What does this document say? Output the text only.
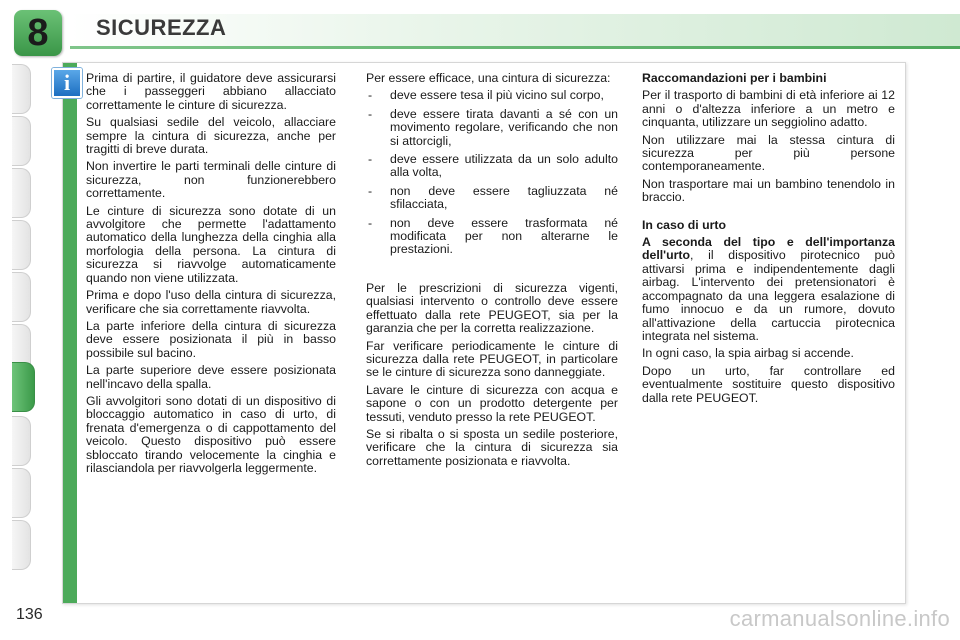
8 SICUREZZA
i Prima di partire, il guidatore deve assicurarsi che i passeggeri abbiano allacciato correttamente le cinture di sicurezza.

Su qualsiasi sedile del veicolo, allacciare sempre la cintura di sicurezza, anche per tragitti di breve durata.

Non invertire le parti terminali delle cinture di sicurezza, non funzionerebbero correttamente.

Le cinture di sicurezza sono dotate di un avvolgitore che permette l'adattamento automatico della lunghezza della cinghia alla morfologia della persona. La cintura di sicurezza si riavvolge automaticamente quando non viene utilizzata.

Prima e dopo l'uso della cintura di sicurezza, verificare che sia correttamente riavvolta.

La parte inferiore della cintura di sicurezza deve essere posizionata il più in basso possibile sul bacino.

La parte superiore deve essere posizionata nell'incavo della spalla.

Gli avvolgitori sono dotati di un dispositivo di bloccaggio automatico in caso di urto, di frenata d'emergenza o di cappottamento del veicolo. Questo dispositivo può essere sbloccato tirando velocemente la cinghia e rilasciandola per riavvolgerla leggermente.

Per essere efficace, una cintura di sicurezza:

- deve essere tesa il più vicino sul corpo,
- deve essere tirata davanti a sé con un movimento regolare, verificando che non si attorcigli,
- deve essere utilizzata da un solo adulto alla volta,
- non deve essere tagliuzzata né sfilacciata,
- non deve essere trasformata né modificata per non alterarne le prestazioni.

Per le prescrizioni di sicurezza vigenti, qualsiasi intervento o controllo deve essere effettuato dalla rete PEUGEOT, sia per la garanzia che per la corretta realizzazione.

Far verificare periodicamente le cinture di sicurezza dalla rete PEUGEOT, in particolare se le cinture di sicurezza sono danneggiate.

Lavare le cinture di sicurezza con acqua e sapone o con un prodotto detergente per tessuti, venduto presso la rete PEUGEOT.

Se si ribalta o si sposta un sedile posteriore, verificare che la cintura di sicurezza sia correttamente posizionata e riavvolta.

Raccomandazioni per i bambini

Per il trasporto di bambini di età inferiore ai 12 anni o d'altezza inferiore a un metro e cinquanta, utilizzare un seggiolino adatto.

Non utilizzare mai la stessa cintura di sicurezza per più persone contemporaneamente.

Non trasportare mai un bambino tenendolo in braccio.

In caso di urto

A seconda del tipo e dell'importanza dell'urto, il dispositivo pirotecnico può attivarsi prima e indipendentemente dagli airbag. L'intervento dei pretensionatori è accompagnato da una leggera esalazione di fumo innocuo e da un rumore, dovuto all'attivazione della cartuccia pirotecnica integrata nel sistema.

In ogni caso, la spia airbag si accende.

Dopo un urto, far controllare ed eventualmente sostituire questo dispositivo dalla rete PEUGEOT.

136	carmanualsonline.info
